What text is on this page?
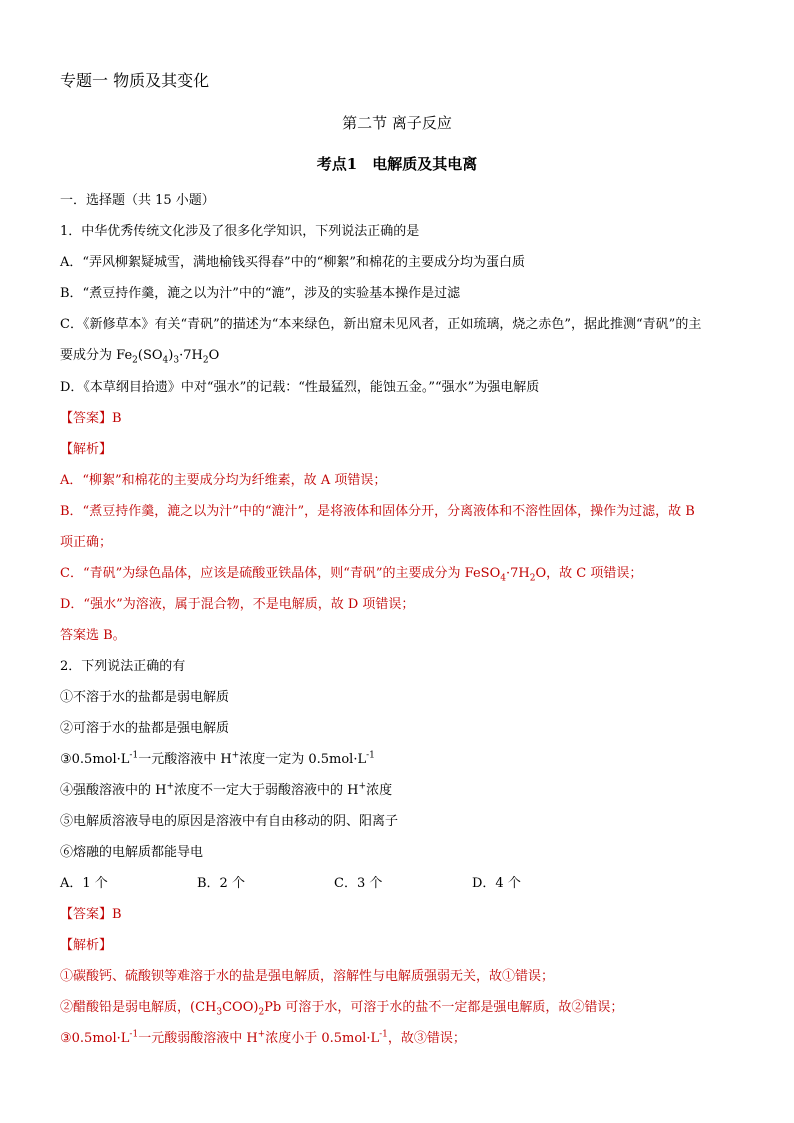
专题一 物质及其变化
第二节 离子反应
考点1　电解质及其电离
一．选择题（共 15 小题）
1．中华优秀传统文化涉及了很多化学知识，下列说法正确的是
A．“弄风柳絮疑城雪，满地榆钱买得春”中的“柳絮”和棉花的主要成分均为蛋白质
B．“煮豆持作羹，漉之以为汁”中的“漉”，涉及的实验基本操作是过滤
C．《新修草本》有关“青矾”的描述为“本来绿色，新出窟未见风者，正如琉璃，烧之赤色”，据此推测“青矾”的主
要成分为 $Fe_2(SO_4)_3\cdot 7H_2O$
D．《本草纲目拾遗》中对“强水”的记载：“性最猛烈，能蚀五金。”“强水”为强电解质
【答案】B
【解析】
A．“柳絮”和棉花的主要成分均为纤维素，故 A 项错误；
B．“煮豆持作羹，漉之以为汁”中的“漉汁”，是将液体和固体分开，分离液体和不溶性固体，操作为过滤，故 B
项正确；
C．“青矾”为绿色晶体，应该是硫酸亚铁晶体，则“青矾”的主要成分为 $FeSO_4\cdot 7H_2O$，故 C 项错误；
D．“强水”为溶液，属于混合物，不是电解质，故 D 项错误；
答案选 B。
2．下列说法正确的有
①不溶于水的盐都是弱电解质
②可溶于水的盐都是强电解质
$③0.5mol\cdot L^{-1}$一元酸溶液中 H+浓度一定为 $0.5mol\cdot L^{-1}$
④强酸溶液中的 H+浓度不一定大于弱酸溶液中的 H+浓度
⑤电解质溶液导电的原因是溶液中有自由移动的阴、阳离子
⑥熔融的电解质都能导电
A．1 个	B．2 个	C．3 个	D．4 个
【答案】B
【解析】
①碳酸钙、硫酸钡等难溶于水的盐是强电解质，溶解性与电解质强弱无关，故①错误；
②醋酸铅是弱电解质，$(CH_3COO)_2Pb$ 可溶于水，可溶于水的盐不一定都是强电解质，故②错误；
$③0.5mol\cdot L^{-1}$一元酸弱酸溶液中 H+浓度小于 $0.5mol\cdot L^{-1}$，故③错误；
